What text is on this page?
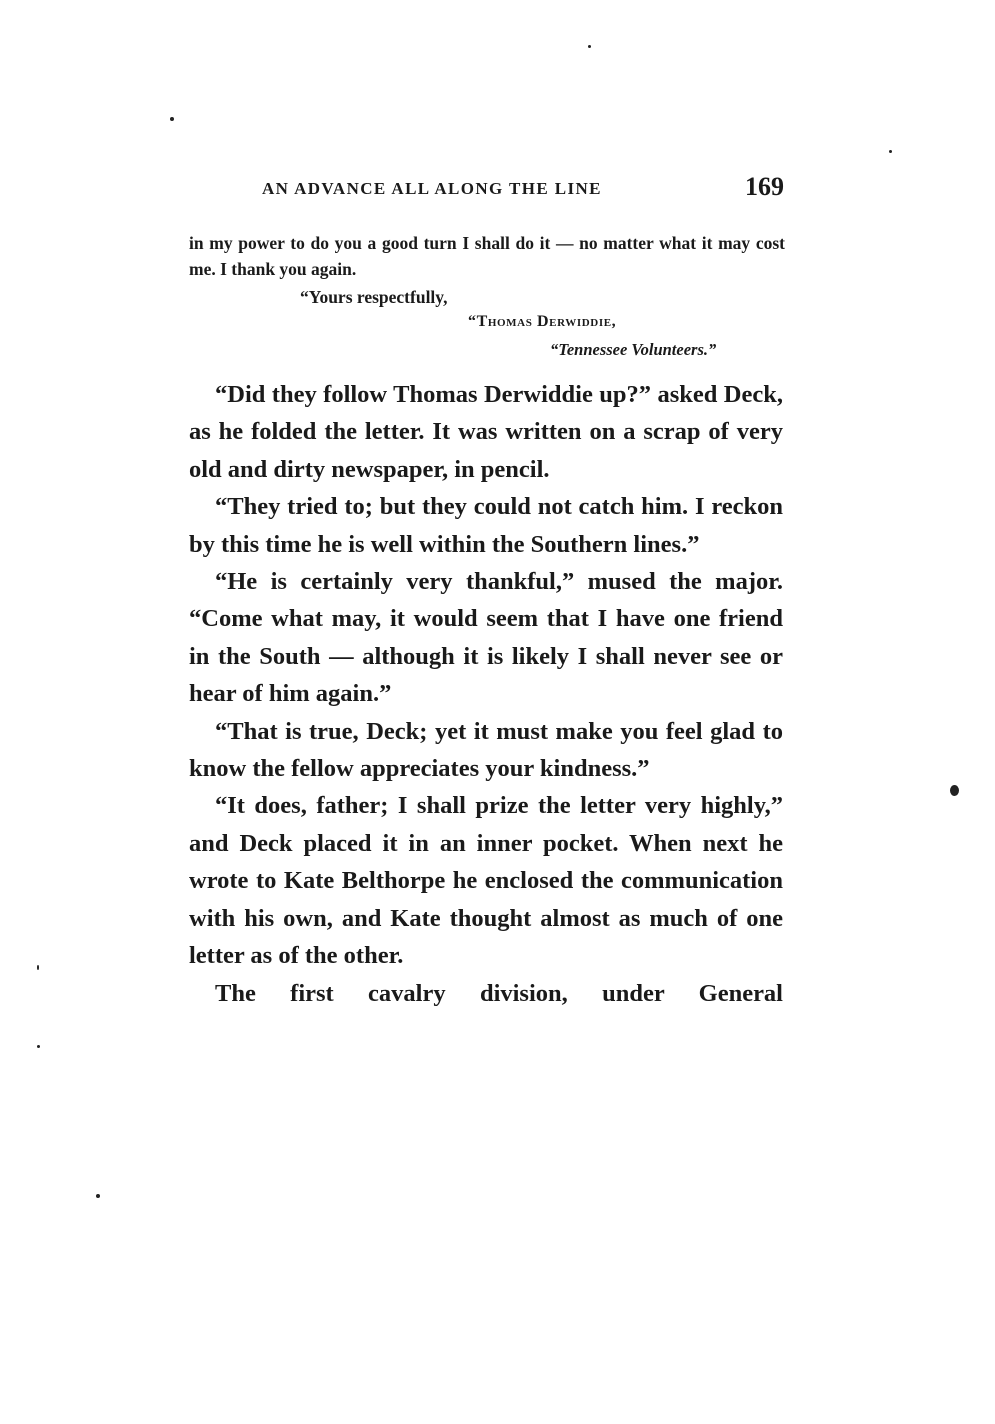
AN ADVANCE ALL ALONG THE LINE	169
in my power to do you a good turn I shall do it — no matter what it may cost me. I thank you again.
“Yours respectfully,
“Thomas Derwiddie,
“Tennessee Volunteers.”

“Did they follow Thomas Derwiddie up?” asked Deck, as he folded the letter. It was written on a scrap of very old and dirty newspaper, in pencil.

“They tried to; but they could not catch him. I reckon by this time he is well within the Southern lines.”

“He is certainly very thankful,” mused the major. “Come what may, it would seem that I have one friend in the South — although it is likely I shall never see or hear of him again.”

“That is true, Deck; yet it must make you feel glad to know the fellow appreciates your kindness.”

“It does, father; I shall prize the letter very highly,” and Deck placed it in an inner pocket. When next he wrote to Kate Belthorpe he enclosed the communication with his own, and Kate thought almost as much of one letter as of the other.

The first cavalry division, under General
